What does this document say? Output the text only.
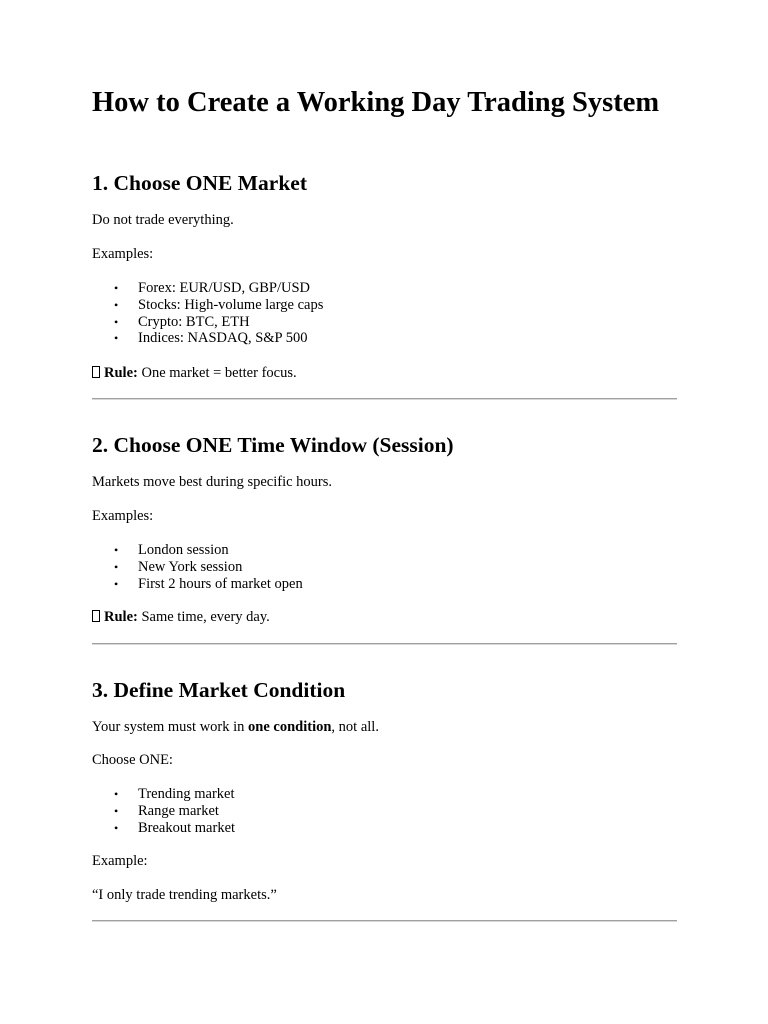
How to Create a Working Day Trading System
1. Choose ONE Market

Do not trade everything.

Examples:

• Forex: EUR/USD, GBP/USD
• Stocks: High-volume large caps
• Crypto: BTC, ETH
• Indices: NASDAQ, S&P 500

Rule: One market = better focus.

2. Choose ONE Time Window (Session)

Markets move best during specific hours.

Examples:

• London session
• New York session
• First 2 hours of market open

Rule: Same time, every day.

3. Define Market Condition

Your system must work in one condition, not all.

Choose ONE:

• Trending market
• Range market
• Breakout market

Example:

“I only trade trending markets.”
